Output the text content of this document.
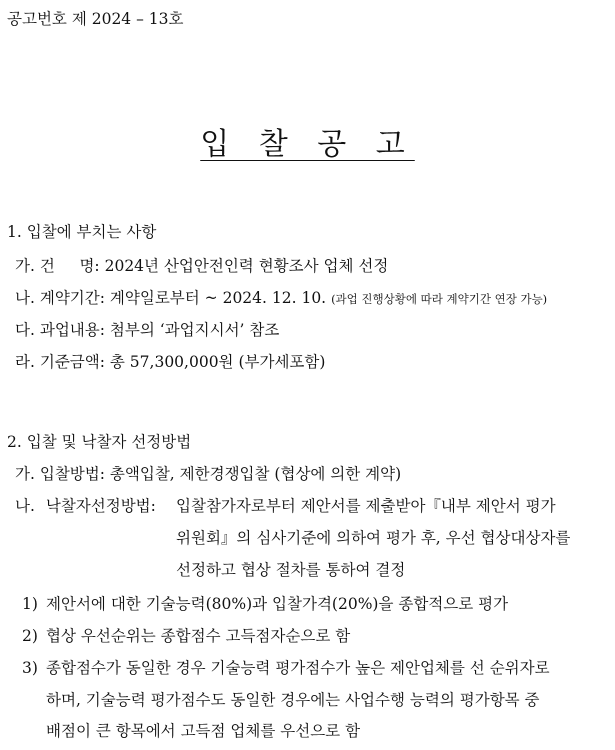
공고번호 제 2024 – 13호
입 찰 공 고
1. 입찰에 부치는 사항
가. 건     명: 2024년 산업안전인력 현황조사 업체 선정
나. 계약기간: 계약일로부터 ~ 2024. 12. 10. (과업 진행상황에 따라 계약기간 연장 가능)
다. 과업내용: 첨부의 ‘과업지시서’ 참조
라. 기준금액: 총 57,300,000원 (부가세포함)
2. 입찰 및 낙찰자 선정방법
가. 입찰방법: 총액입찰, 제한경쟁입찰 (협상에 의한 계약)
나. 낙찰자선정방법: 입찰참가자로부터 제안서를 제출받아『내부 제안서 평가
위원회』의 심사기준에 의하여 평가 후, 우선 협상대상자를
선정하고 협상 절차를 통하여 결정
1) 제안서에 대한 기술능력(80%)과 입찰가격(20%)을 종합적으로 평가
2) 협상 우선순위는 종합점수 고득점자순으로 함
3) 종합점수가 동일한 경우 기술능력 평가점수가 높은 제안업체를 선 순위자로
하며, 기술능력 평가점수도 동일한 경우에는 사업수행 능력의 평가항목 중
배점이 큰 항목에서 고득점 업체를 우선으로 함
